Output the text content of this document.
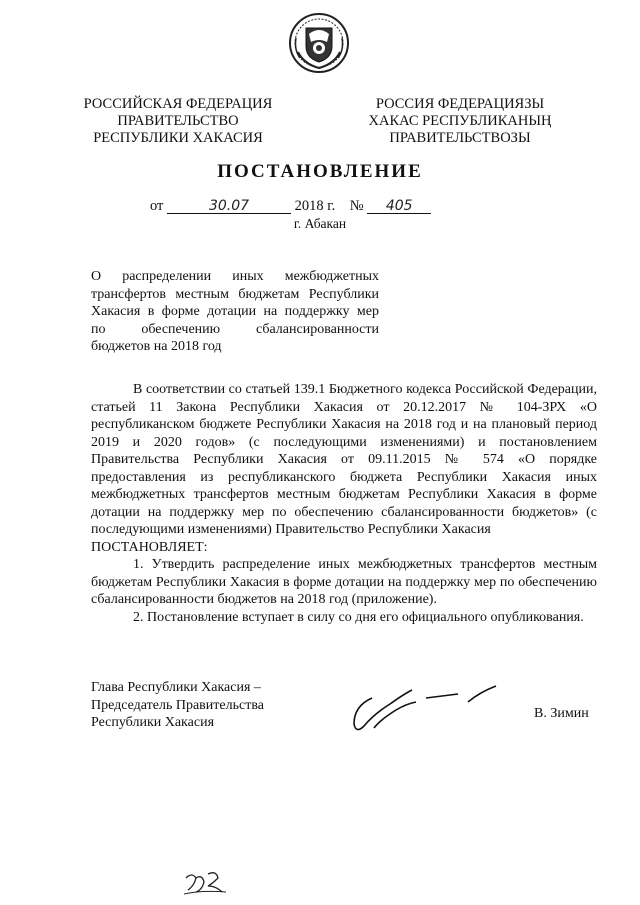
РОССИЙСКАЯ ФЕДЕРАЦИЯ
ПРАВИТЕЛЬСТВО
РЕСПУБЛИКИ ХАКАСИЯ
РОССИЯ ФЕДЕРАЦИЯЗЫ
ХАКАС РЕСПУБЛИКАНЫҢ
ПРАВИТЕЛЬСТВОЗЫ
ПОСТАНОВЛЕНИЕ
от	30.07	2018 г. № 405
г. Абакан
О распределении иных межбюджетных
трансфертов местным бюджетам Республики
Хакасия в форме дотации на поддержку мер
по обеспечению сбалансированности
бюджетов на 2018 год

В соответствии со статьей 139.1 Бюджетного кодекса Российской Федерации, статьей 11 Закона Республики Хакасия от 20.12.2017 № 104-ЗРХ «О республиканском бюджете Республики Хакасия на 2018 год и на плановый период 2019 и 2020 годов» (с последующими изменениями) и постановлением Правительства Республики Хакасия от 09.11.2015 № 574 «О порядке предоставления из республиканского бюджета Республики Хакасия иных межбюджетных трансфертов местным бюджетам Республики Хакасия в форме дотации на поддержку мер по обеспечению сбалансированности бюджетов» (с последующими изменениями) Правительство Республики Хакасия

ПОСТАНОВЛЯЕТ:

1. Утвердить распределение иных межбюджетных трансфертов местным бюджетам Республики Хакасия в форме дотации на поддержку мер по обеспечению сбалансированности бюджетов на 2018 год (приложение).

2. Постановление вступает в силу со дня его официального опубликования.

Глава Республики Хакасия –
Председатель Правительства
Республики Хакасия
В. Зимин
